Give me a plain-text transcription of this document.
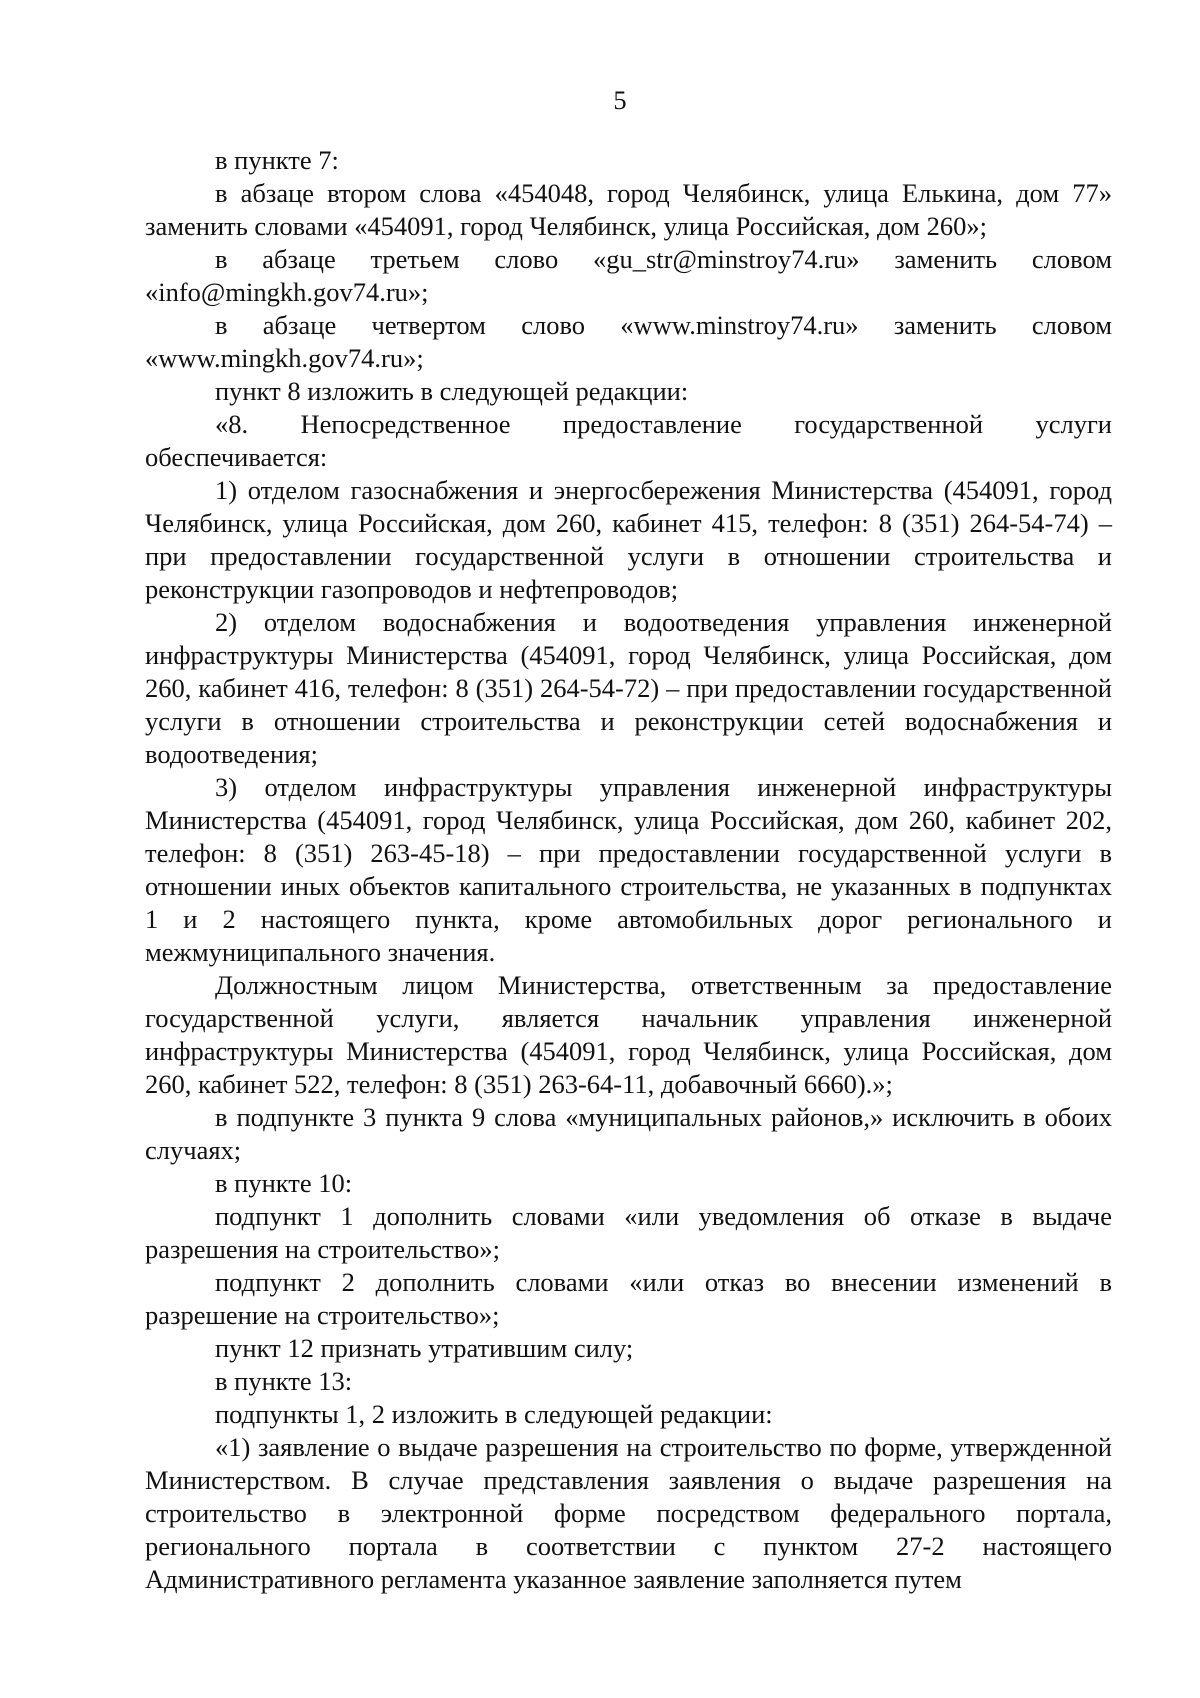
5

в пункте 7:

в абзаце втором слова «454048, город Челябинск, улица Елькина, дом 77» заменить словами «454091, город Челябинск, улица Российская, дом 260»;

в абзаце третьем слово «gu_str@minstroy74.ru» заменить словом «info@mingkh.gov74.ru»;

в абзаце четвертом слово «www.minstroy74.ru» заменить словом «www.mingkh.gov74.ru»;

пункт 8 изложить в следующей редакции:

«8. Непосредственное предоставление государственной услуги обеспечивается:

1) отделом газоснабжения и энергосбережения Министерства (454091, город Челябинск, улица Российская, дом 260, кабинет 415, телефон: 8 (351) 264-54-74) – при предоставлении государственной услуги в отношении строительства и реконструкции газопроводов и нефтепроводов;

2) отделом водоснабжения и водоотведения управления инженерной инфраструктуры Министерства (454091, город Челябинск, улица Российская, дом 260, кабинет 416, телефон: 8 (351) 264-54-72) – при предоставлении государственной услуги в отношении строительства и реконструкции сетей водоснабжения и водоотведения;

3) отделом инфраструктуры управления инженерной инфраструктуры Министерства (454091, город Челябинск, улица Российская, дом 260, кабинет 202, телефон: 8 (351) 263-45-18) – при предоставлении государственной услуги в отношении иных объектов капитального строительства, не указанных в подпунктах 1 и 2 настоящего пункта, кроме автомобильных дорог регионального и межмуниципального значения.

Должностным лицом Министерства, ответственным за предоставление государственной услуги, является начальник управления инженерной инфраструктуры Министерства (454091, город Челябинск, улица Российская, дом 260, кабинет 522, телефон: 8 (351) 263-64-11, добавочный 6660).»;

в подпункте 3 пункта 9 слова «муниципальных районов,» исключить в обоих случаях;

в пункте 10:

подпункт 1 дополнить словами «или уведомления об отказе в выдаче разрешения на строительство»;

подпункт 2 дополнить словами «или отказ во внесении изменений в разрешение на строительство»;

пункт 12 признать утратившим силу;

в пункте 13:

подпункты 1, 2 изложить в следующей редакции:

«1) заявление о выдаче разрешения на строительство по форме, утвержденной Министерством. В случае представления заявления о выдаче разрешения на строительство в электронной форме посредством федерального портала, регионального портала в соответствии с пунктом 27-2 настоящего Административного регламента указанное заявление заполняется путем
